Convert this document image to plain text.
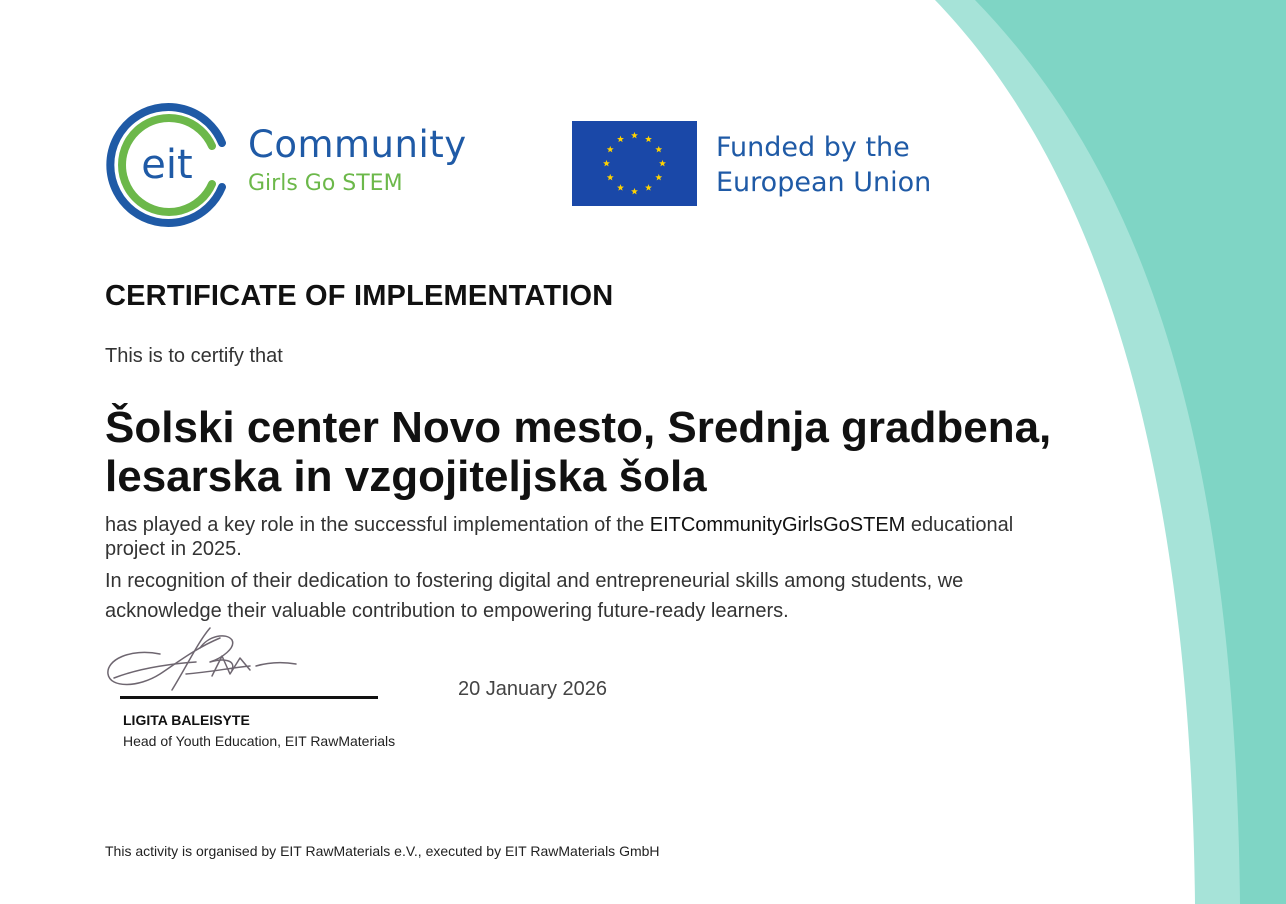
eit Community
Girls Go STEM
Funded by the
European Union
CERTIFICATE OF IMPLEMENTATION
This is to certify that
Šolski center Novo mesto, Srednja gradbena, lesarska in vzgojiteljska šola
has played a key role in the successful implementation of the EITCommunityGirlsGoSTEM educational project in 2025.
In recognition of their dedication to fostering digital and entrepreneurial skills among students, we acknowledge their valuable contribution to empowering future-ready learners.
20 January 2026
LIGITA BALEISYTE
Head of Youth Education, EIT RawMaterials
This activity is organised by EIT RawMaterials e.V., executed by EIT RawMaterials GmbH
